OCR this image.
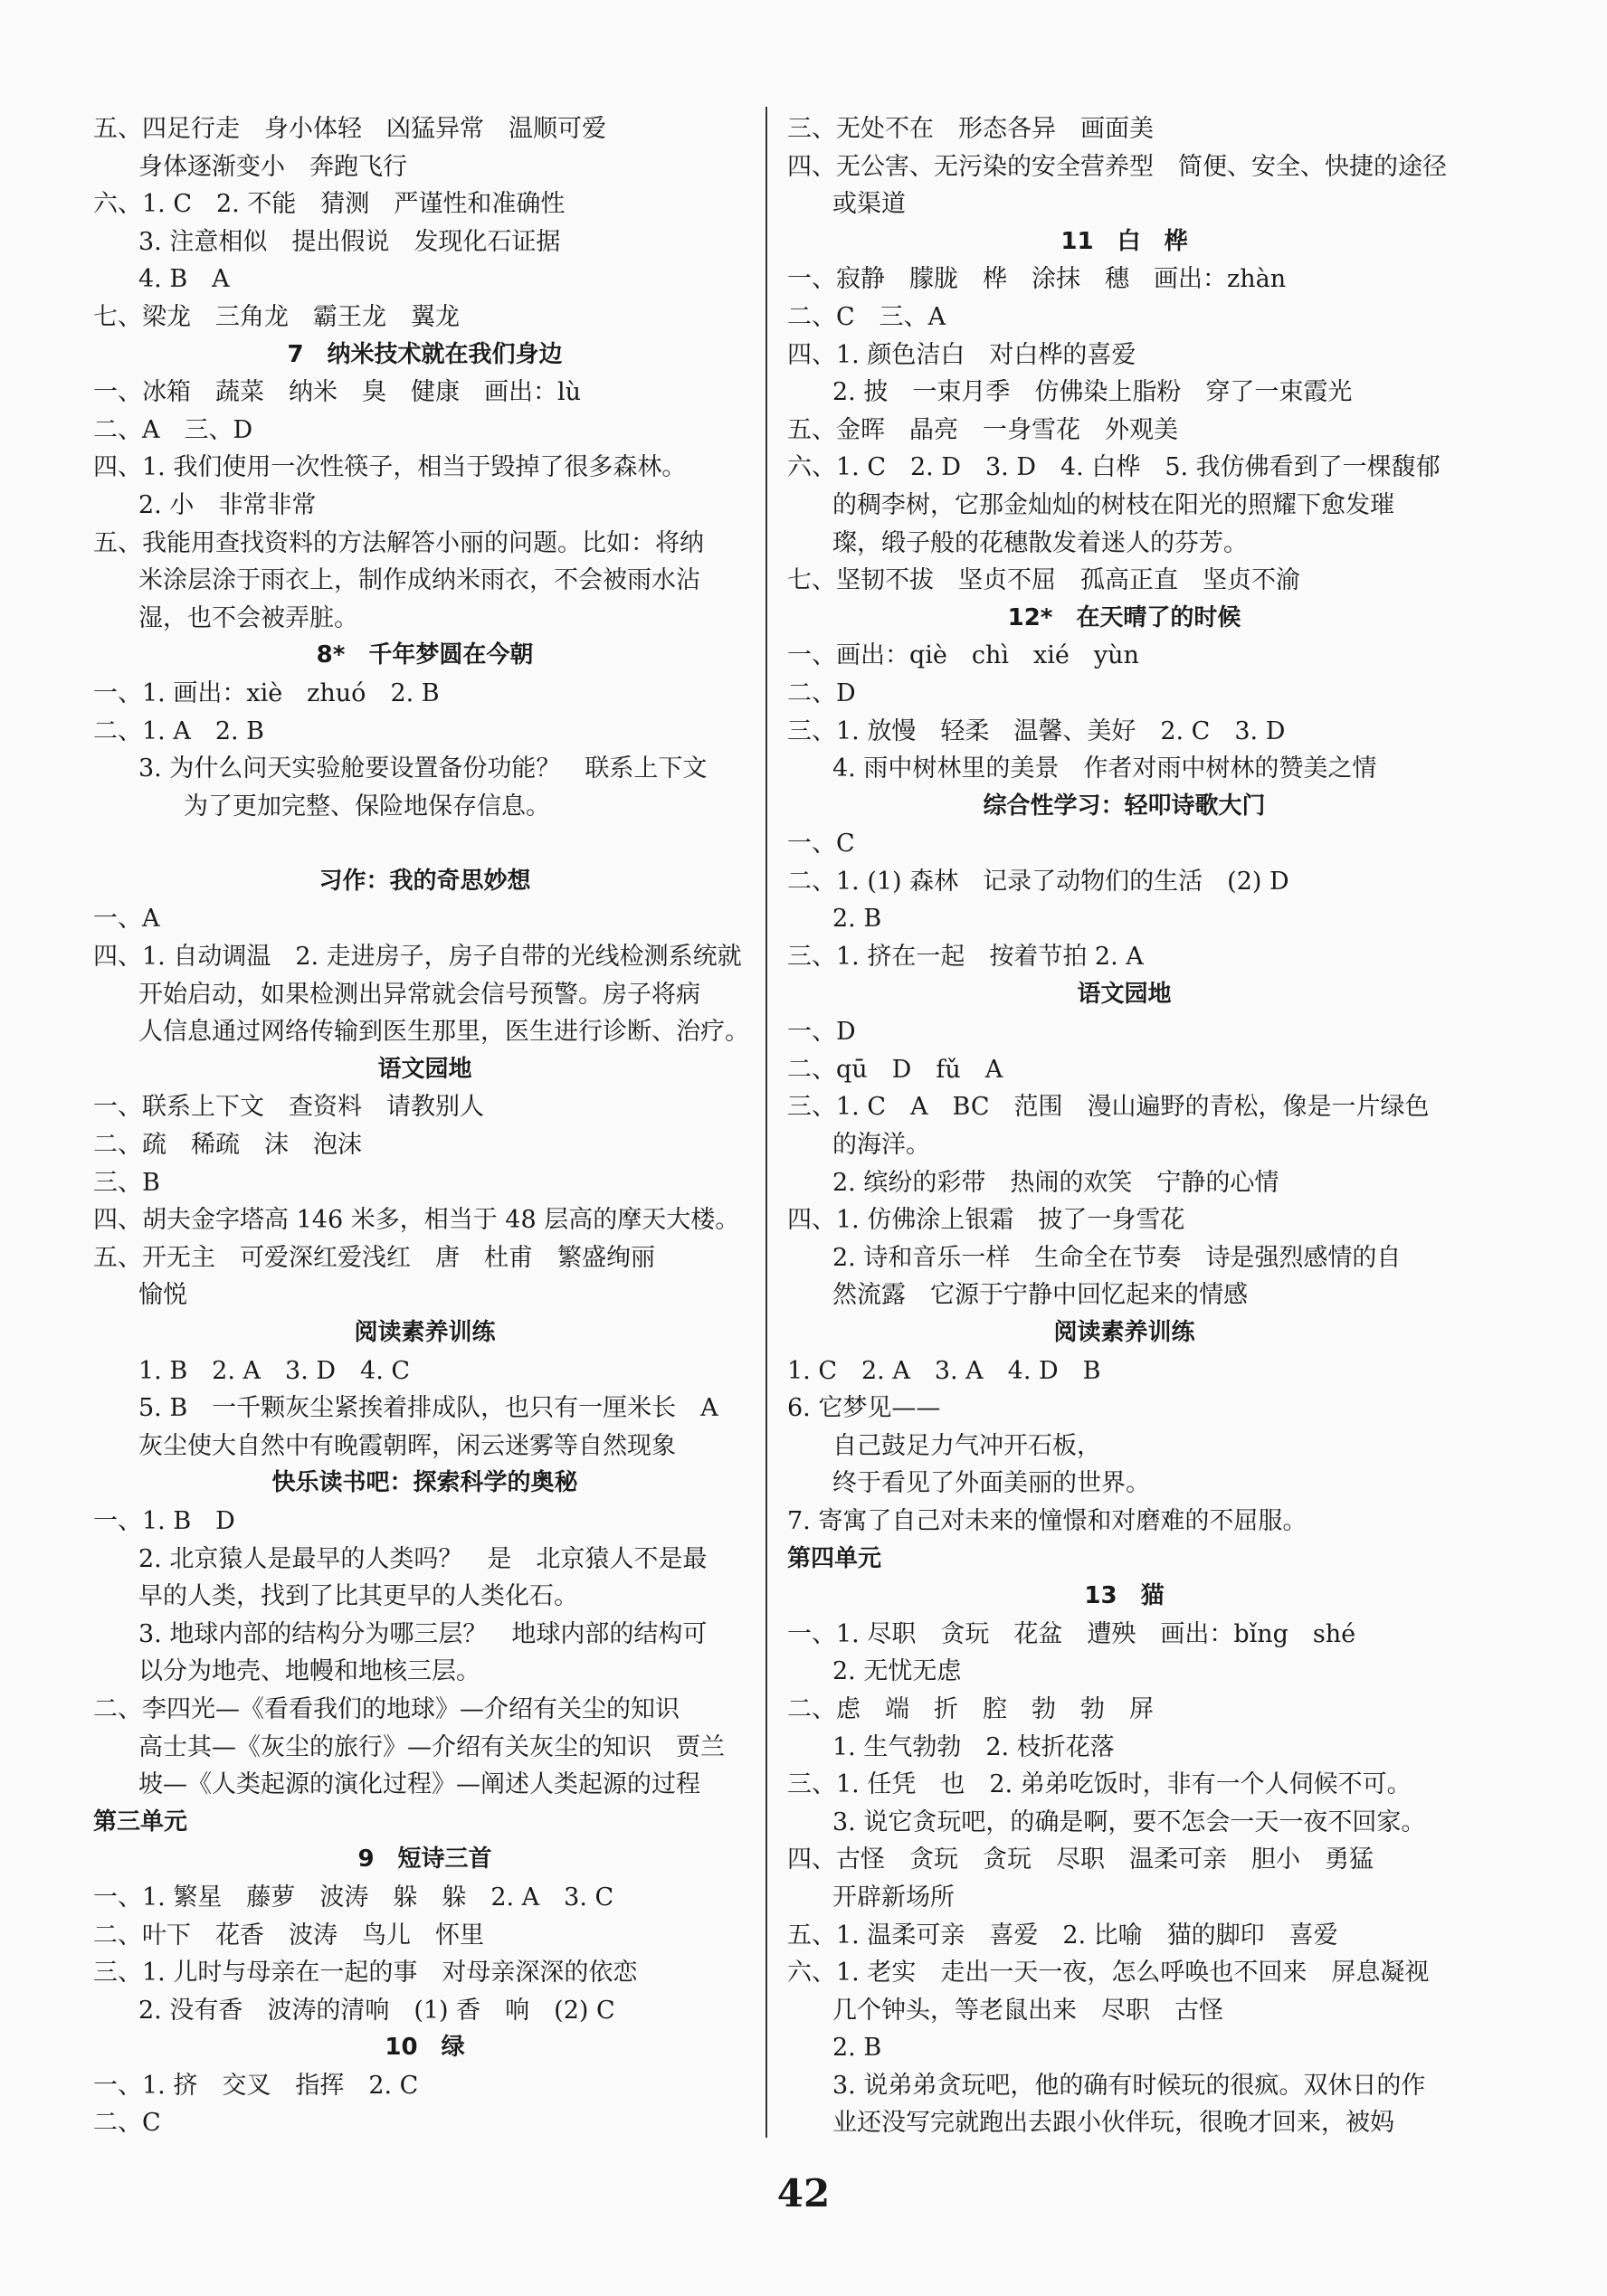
五、四足行走　身小体轻　凶猛异常　温顺可爱
身体逐渐变小　奔跑飞行
六、1. C　2. 不能　猜测　严谨性和准确性
3. 注意相似　提出假说　发现化石证据
4. B　A
七、梁龙　三角龙　霸王龙　翼龙
7　纳米技术就在我们身边
一、冰箱　蔬菜　纳米　臭　健康　画出：lù
二、A　三、D
四、1. 我们使用一次性筷子，相当于毁掉了很多森林。
2. 小　非常非常
五、我能用查找资料的方法解答小丽的问题。比如：将纳
米涂层涂于雨衣上，制作成纳米雨衣，不会被雨水沾
湿，也不会被弄脏。
8*　千年梦圆在今朝
一、1. 画出：xiè　zhuó　2. B
二、1. A　2. B
3. 为什么问天实验舱要设置备份功能？　联系上下文
为了更加完整、保险地保存信息。
习作：我的奇思妙想
一、A
四、1. 自动调温　2. 走进房子，房子自带的光线检测系统就
开始启动，如果检测出异常就会信号预警。房子将病
人信息通过网络传输到医生那里，医生进行诊断、治疗。
语文园地
一、联系上下文　查资料　请教别人
二、疏　稀疏　沫　泡沫
三、B
四、胡夫金字塔高 146 米多，相当于 48 层高的摩天大楼。
五、开无主　可爱深红爱浅红　唐　杜甫　繁盛绚丽
愉悦
阅读素养训练
1. B　2. A　3. D　4. C
5. B　一千颗灰尘紧挨着排成队，也只有一厘米长　A
灰尘使大自然中有晚霞朝晖，闲云迷雾等自然现象
快乐读书吧：探索科学的奥秘
一、1. B　D
2. 北京猿人是最早的人类吗？　是　北京猿人不是最
早的人类，找到了比其更早的人类化石。
3. 地球内部的结构分为哪三层？　地球内部的结构可
以分为地壳、地幔和地核三层。
二、李四光—《看看我们的地球》—介绍有关尘的知识
高士其—《灰尘的旅行》—介绍有关灰尘的知识　贾兰
坡—《人类起源的演化过程》—阐述人类起源的过程
第三单元
9　短诗三首
一、1. 繁星　藤萝　波涛　躲　躲　2. A　3. C
二、叶下　花香　波涛　鸟儿　怀里
三、1. 儿时与母亲在一起的事　对母亲深深的依恋
2. 没有香　波涛的清响　(1) 香　响　(2) C
10　绿
一、1. 挤　交叉　指挥　2. C
二、C
三、无处不在　形态各异　画面美
四、无公害、无污染的安全营养型　简便、安全、快捷的途径
或渠道
11　白　桦
一、寂静　朦胧　桦　涂抹　穗　画出：zhàn
二、C　三、A
四、1. 颜色洁白　对白桦的喜爱
2. 披　一束月季　仿佛染上脂粉　穿了一束霞光
五、金晖　晶亮　一身雪花　外观美
六、1. C　2. D　3. D　4. 白桦　5. 我仿佛看到了一棵馥郁
的稠李树，它那金灿灿的树枝在阳光的照耀下愈发璀
璨，缎子般的花穗散发着迷人的芬芳。
七、坚韧不拔　坚贞不屈　孤高正直　坚贞不渝
12*　在天晴了的时候
一、画出：qiè　chì　xié　yùn
二、D
三、1. 放慢　轻柔　温馨、美好　2. C　3. D
4. 雨中树林里的美景　作者对雨中树林的赞美之情
综合性学习：轻叩诗歌大门
一、C
二、1. (1) 森林　记录了动物们的生活　(2) D
2. B
三、1. 挤在一起　按着节拍 2. A
语文园地
一、D
二、qū　D　fǔ　A
三、1. C　A　BC　范围　漫山遍野的青松，像是一片绿色
的海洋。
2. 缤纷的彩带　热闹的欢笑　宁静的心情
四、1. 仿佛涂上银霜　披了一身雪花
2. 诗和音乐一样　生命全在节奏　诗是强烈感情的自
然流露　它源于宁静中回忆起来的情感
阅读素养训练
1. C　2. A　3. A　4. D　B
6. 它梦见——
自己鼓足力气冲开石板，
终于看见了外面美丽的世界。
7. 寄寓了自己对未来的憧憬和对磨难的不屈服。
第四单元
13　猫
一、1. 尽职　贪玩　花盆　遭殃　画出：bǐng　shé
2. 无忧无虑
二、虑　端　折　腔　勃　勃　屏
1. 生气勃勃　2. 枝折花落
三、1. 任凭　也　2. 弟弟吃饭时，非有一个人伺候不可。
3. 说它贪玩吧，的确是啊，要不怎会一天一夜不回家。
四、古怪　贪玩　贪玩　尽职　温柔可亲　胆小　勇猛
开辟新场所
五、1. 温柔可亲　喜爱　2. 比喻　猫的脚印　喜爱
六、1. 老实　走出一天一夜，怎么呼唤也不回来　屏息凝视
几个钟头，等老鼠出来　尽职　古怪
2. B
3. 说弟弟贪玩吧，他的确有时候玩的很疯。双休日的作
业还没写完就跑出去跟小伙伴玩，很晚才回来，被妈
42
